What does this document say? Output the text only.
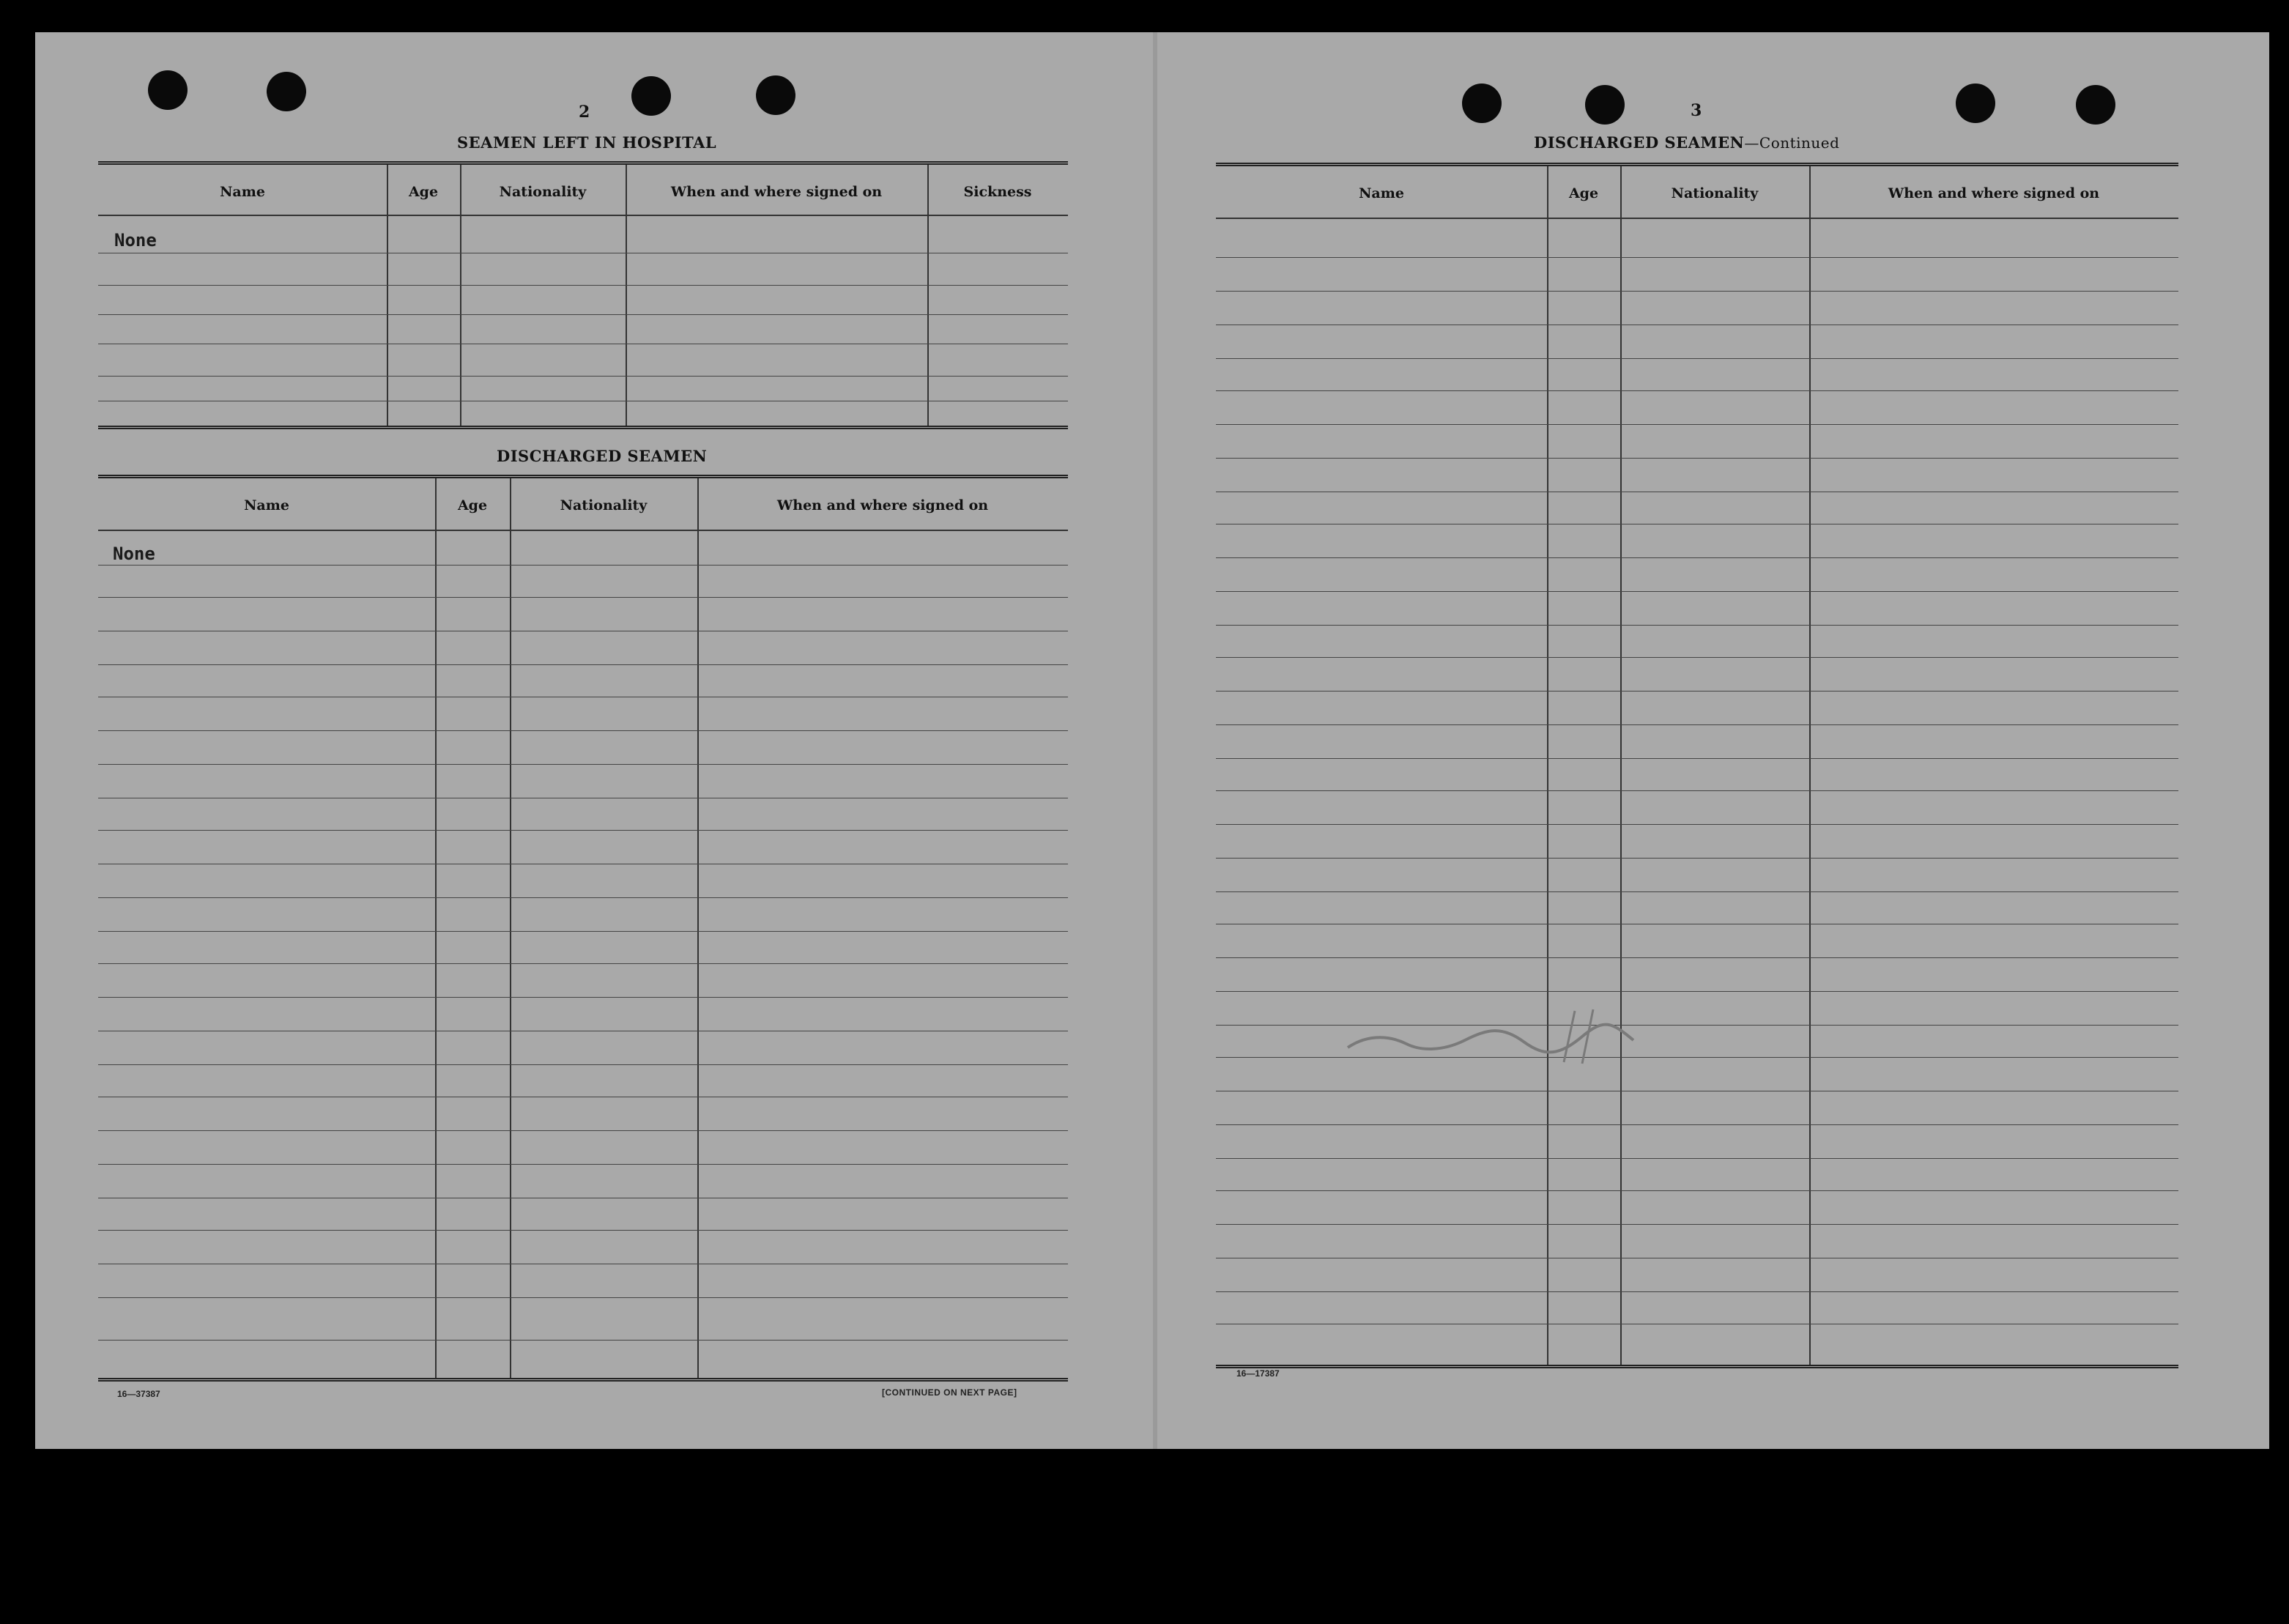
2
SEAMEN LEFT IN HOSPITAL
Name	Age	Nationality	When and where signed on	Sickness
None
DISCHARGED SEAMEN
Name	Age	Nationality	When and where signed on
None
16—37387	[CONTINUED ON NEXT PAGE]
3
DISCHARGED SEAMEN—Continued
Name	Age	Nationality	When and where signed on
16—17387
